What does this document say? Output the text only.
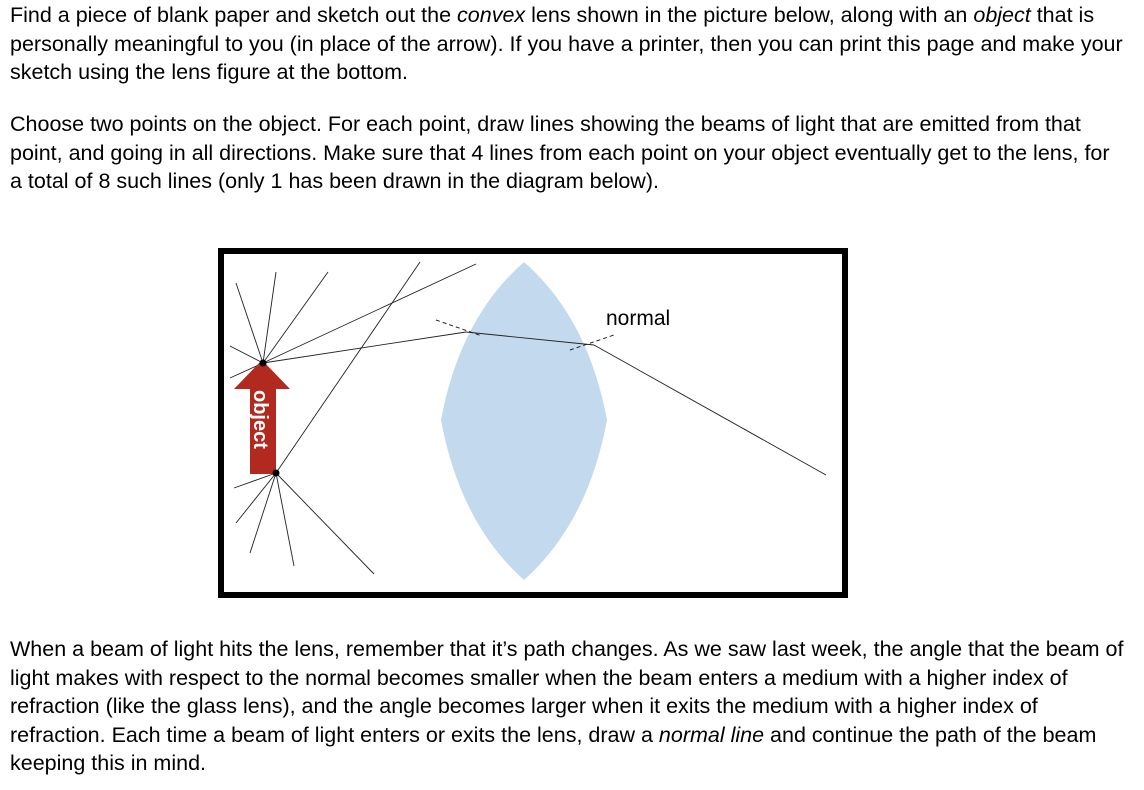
Find a piece of blank paper and sketch out the convex lens shown in the picture below, along with an object that is personally meaningful to you (in place of the arrow). If you have a printer, then you can print this page and make your sketch using the lens figure at the bottom.

Choose two points on the object. For each point, draw lines showing the beams of light that are emitted from that point, and going in all directions. Make sure that 4 lines from each point on your object eventually get to the lens, for a total of 8 such lines (only 1 has been drawn in the diagram below).

object
normal

When a beam of light hits the lens, remember that it’s path changes. As we saw last week, the angle that the beam of light makes with respect to the normal becomes smaller when the beam enters a medium with a higher index of refraction (like the glass lens), and the angle becomes larger when it exits the medium with a higher index of refraction. Each time a beam of light enters or exits the lens, draw a normal line and continue the path of the beam keeping this in mind.
